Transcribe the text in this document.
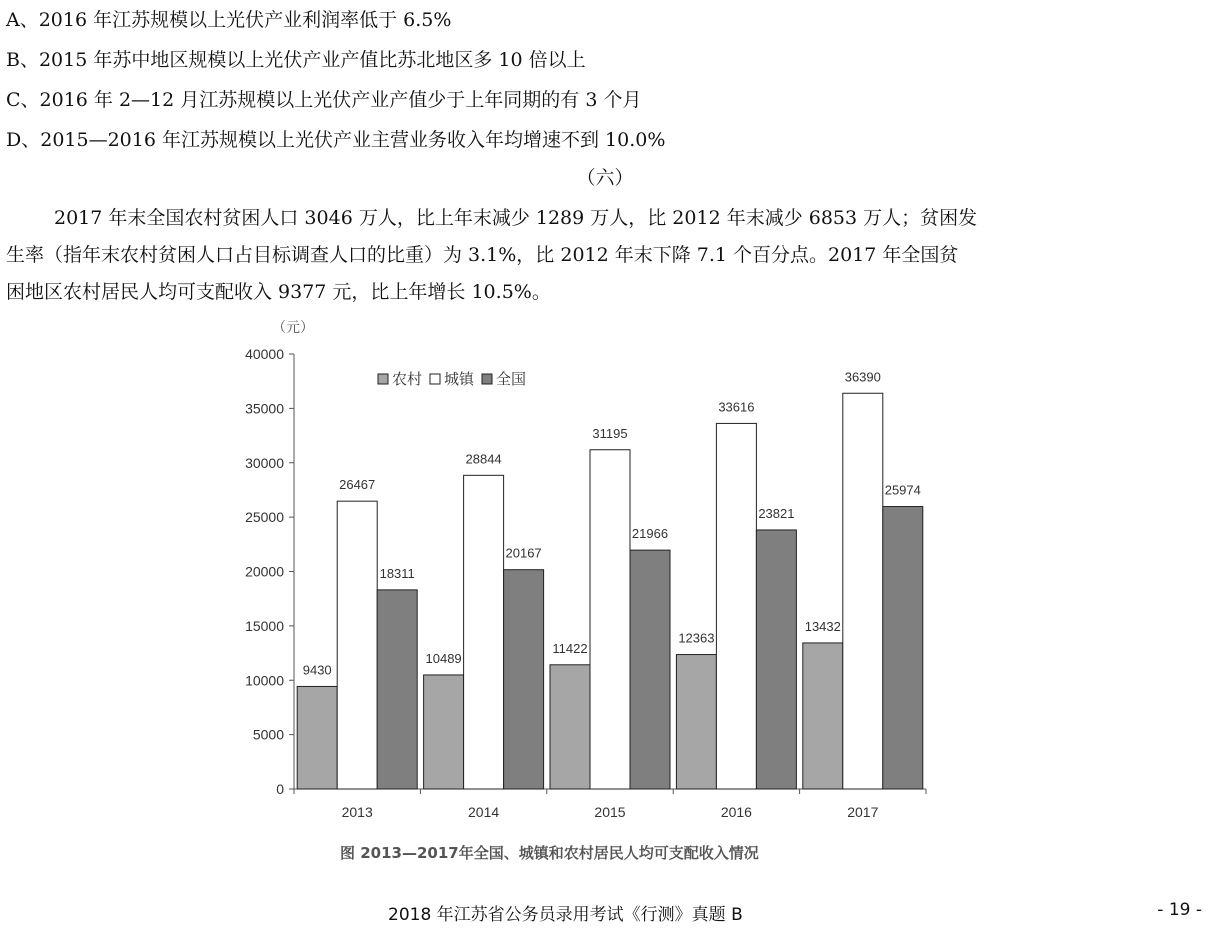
A、2016 年江苏规模以上光伏产业利润率低于 6.5%
B、2015 年苏中地区规模以上光伏产业产值比苏北地区多 10 倍以上
C、2016 年 2—12 月江苏规模以上光伏产业产值少于上年同期的有 3 个月
D、2015—2016 年江苏规模以上光伏产业主营业务收入年均增速不到 10.0%
（六）
2017 年末全国农村贫困人口 3046 万人，比上年末减少 1289 万人，比 2012 年末减少 6853 万人；贫困发
生率（指年末农村贫困人口占目标调查人口的比重）为 3.1%，比 2012 年末下降 7.1 个百分点。2017 年全国贫
困地区农村居民人均可支配收入 9377 元，比上年增长 10.5%。
（元）
0
5000
10000
15000
20000
25000
30000
35000
40000
2013
9430
26467
18311
2014
10489
28844
20167
2015
11422
31195
21966
2016
12363
33616
23821
2017
13432
36390
25974
农村 城镇 全国
图 2013—2017年全国、城镇和农村居民人均可支配收入情况
2018 年江苏省公务员录用考试《行测》真题 B	- 19 -
